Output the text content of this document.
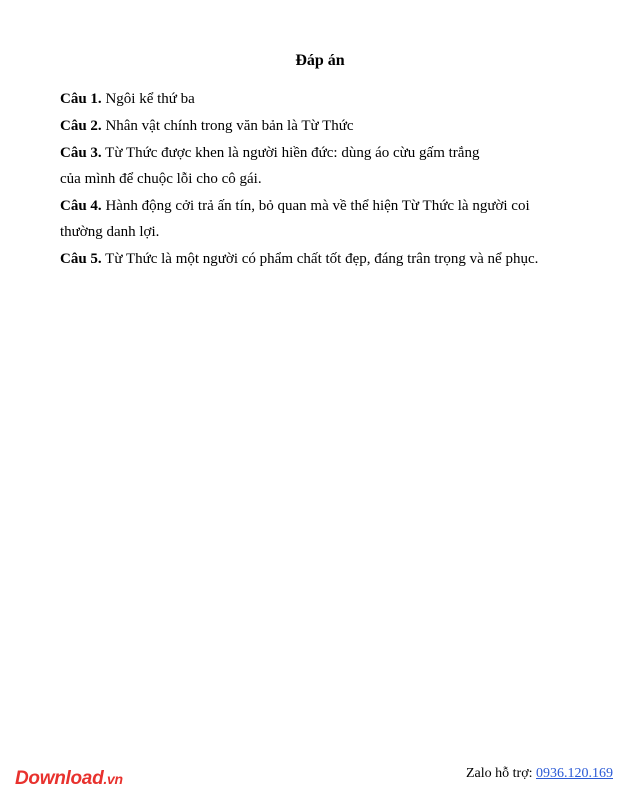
Đáp án
Câu 1. Ngôi kể thứ ba
Câu 2. Nhân vật chính trong văn bản là Từ Thức
Câu 3. Từ Thức được khen là người hiền đức: dùng áo cừu gấm trắng
của mình để chuộc lỗi cho cô gái.
Câu 4. Hành động cởi trả ấn tín, bỏ quan mà về thể hiện Từ Thức là người coi
thường danh lợi.
Câu 5. Từ Thức là một người có phẩm chất tốt đẹp, đáng trân trọng và nể phục.
Download.vn	Zalo hỗ trợ: 0936.120.169
